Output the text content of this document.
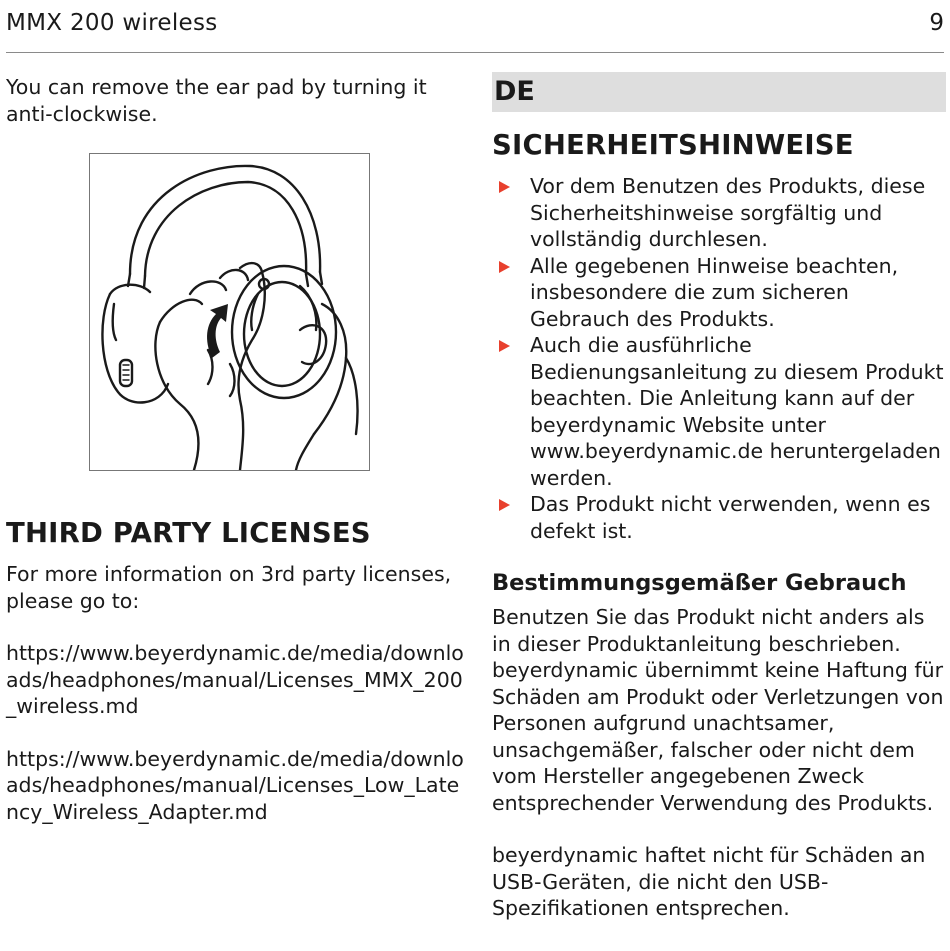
MMX 200 wireless	9

You can remove the ear pad by turning it anti-clockwise.

THIRD PARTY LICENSES

For more information on 3rd party licenses, please go to:

https://www.beyerdynamic.de/media/downloads/headphones/manual/Licenses_MMX_200_wireless.md

https://www.beyerdynamic.de/media/downloads/headphones/manual/Licenses_Low_Latency_Wireless_Adapter.md

DE
SICHERHEITSHINWEISE
Vor dem Benutzen des Produkts, diese Sicherheitshinweise sorgfältig und vollständig durchlesen.
Alle gegebenen Hinweise beachten, insbesondere die zum sicheren Gebrauch des Produkts.
Auch die ausführliche Bedienungsanleitung zu diesem Produkt beachten. Die Anleitung kann auf der beyerdynamic Website unter www.beyerdynamic.de heruntergeladen werden.
Das Produkt nicht verwenden, wenn es defekt ist.
Bestimmungsgemäßer Gebrauch

Benutzen Sie das Produkt nicht anders als in dieser Produktanleitung beschrieben. beyerdynamic übernimmt keine Haftung für Schäden am Produkt oder Verletzungen von Personen aufgrund unachtsamer, unsachgemäßer, falscher oder nicht dem vom Hersteller angegebenen Zweck entsprechender Verwendung des Produkts.

beyerdynamic haftet nicht für Schäden an USB-Geräten, die nicht den USB-Spezifikationen entsprechen.
